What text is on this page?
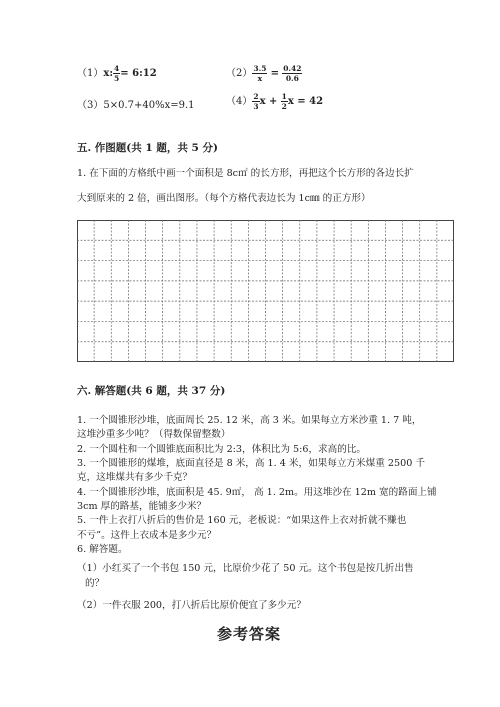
（1）x: $\frac{4}{5}$ = 6:12	$(2) \frac{3.5}{x} = \frac{0.42}{0.6}$
（3）5×0.7+40%x=9.1	$(4) \frac{2}{3}$ $x + \frac{1}{2}$ x = 42
五. 作图题(共 1 题，共 5 分)
1. 在下面的方格纸中画一个面积是 8c㎡ 的长方形，再把这个长方形的各边长扩
大到原来的 2 倍，画出图形。（每个方格代表边长为 1c㎜ 的正方形）
六. 解答题(共 6 题，共 37 分)
1. 一个圆锥形沙堆，底面周长 25. 12 米，高 3 米。如果每立方米沙重 1. 7 吨，
这堆沙重多少吨？（得数保留整数）
2. 一个圆柱和一个圆锥底面积比为 2:3，体积比为 5:6，求高的比。
3. 一个圆锥形的煤堆，底面直径是 8 米，高 1. 4 米，如果每立方米煤重 2500 千
克，这堆煤共有多少千克？
4. 一个圆锥形沙堆，底面积是 45. 9㎡， 高 1. 2m。用这堆沙在 12m 宽的路面上铺
3cm 厚的路基，能铺多少米？
5. 一件上衣打八折后的售价是 160 元，老板说：“如果这件上衣对折就不赚也
不亏”。这件上衣成本是多少元？
6. 解答题。
（1）小红买了一个书包 150 元，比原价少花了 50 元。这个书包是按几折出售
的？
（2）一件衣服 200，打八折后比原价便宜了多少元？
参考答案
